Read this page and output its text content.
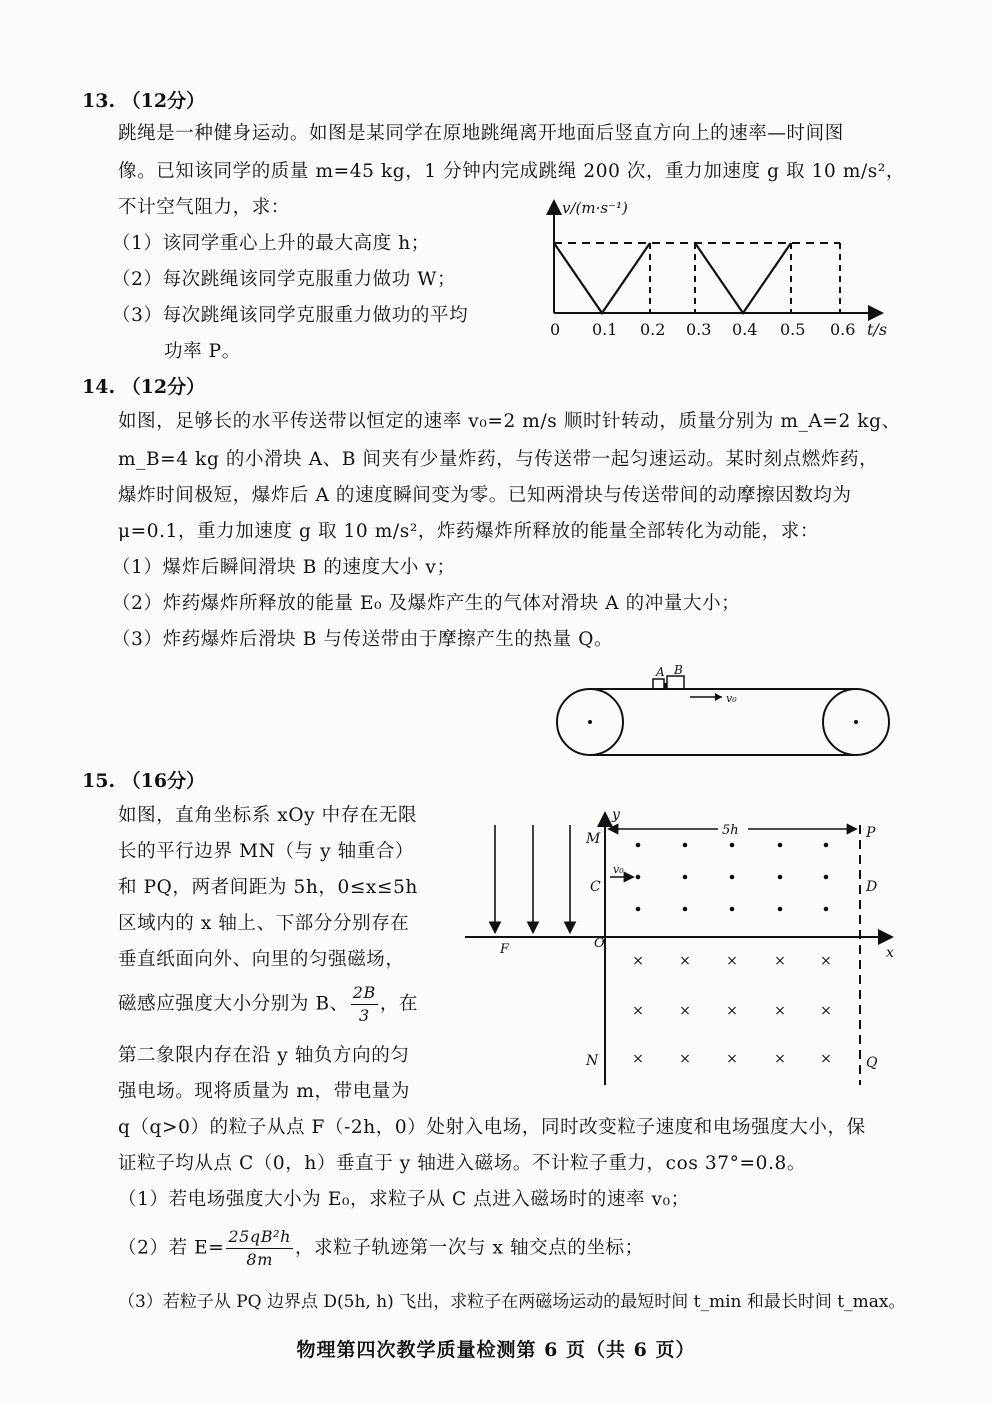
13. （12分）
跳绳是一种健身运动。如图是某同学在原地跳绳离开地面后竖直方向上的速率—时间图
像。已知该同学的质量 m=45 kg，1 分钟内完成跳绳 200 次，重力加速度 g 取 10 m/s²，
不计空气阻力，求：
（1）该同学重心上升的最大高度 h；
（2）每次跳绳该同学克服重力做功 W；
（3）每次跳绳该同学克服重力做功的平均
功率 P。
v/(m·s⁻¹)
0 0.1 0.2 0.3 0.4 0.5 0.6 t/s
14. （12分）
如图，足够长的水平传送带以恒定的速率 v₀=2 m/s 顺时针转动，质量分别为 m_A=2 kg、
m_B=4 kg 的小滑块 A、B 间夹有少量炸药，与传送带一起匀速运动。某时刻点燃炸药，
爆炸时间极短，爆炸后 A 的速度瞬间变为零。已知两滑块与传送带间的动摩擦因数均为
μ=0.1，重力加速度 g 取 10 m/s²，炸药爆炸所释放的能量全部转化为动能，求：
（1）爆炸后瞬间滑块 B 的速度大小 v；
（2）炸药爆炸所释放的能量 E₀ 及爆炸产生的气体对滑块 A 的冲量大小；
（3）炸药爆炸后滑块 B 与传送带由于摩擦产生的热量 Q。
A B
v₀
15. （16分）
如图，直角坐标系 xOy 中存在无限
长的平行边界 MN（与 y 轴重合）
和 PQ，两者间距为 5h，0≤x≤5h
区域内的 x 轴上、下部分分别存在
垂直纸面向外、向里的匀强磁场，
磁感应强度大小分别为 B、 $\frac{2B}{3}$ ，在
第二象限内存在沿 y 轴负方向的匀
强电场。现将质量为 m，带电量为
q（q>0）的粒子从点 F（-2h，0）处射入电场，同时改变粒子速度和电场强度大小，保
证粒子均从点 C（0，h）垂直于 y 轴进入磁场。不计粒子重力，cos 37°=0.8。
（1）若电场强度大小为 E₀，求粒子从 C 点进入磁场时的速率 v₀；
（2）若 $E= \frac{\text{25qB²h}}{8m}$ ，求粒子轨迹第一次与 x 轴交点的坐标；
（3）若粒子从 PQ 边界点 D(5h, h) 飞出，求粒子在两磁场运动的最短时间 t_min 和最长时间 t_max。
x
y
M
N
C
O
F
P
D
Q
5h
v₀
×	×	×	× ×
×	×	×	× ×
×	×	×	× ×
物理第四次教学质量检测第 6 页（共 6 页）
